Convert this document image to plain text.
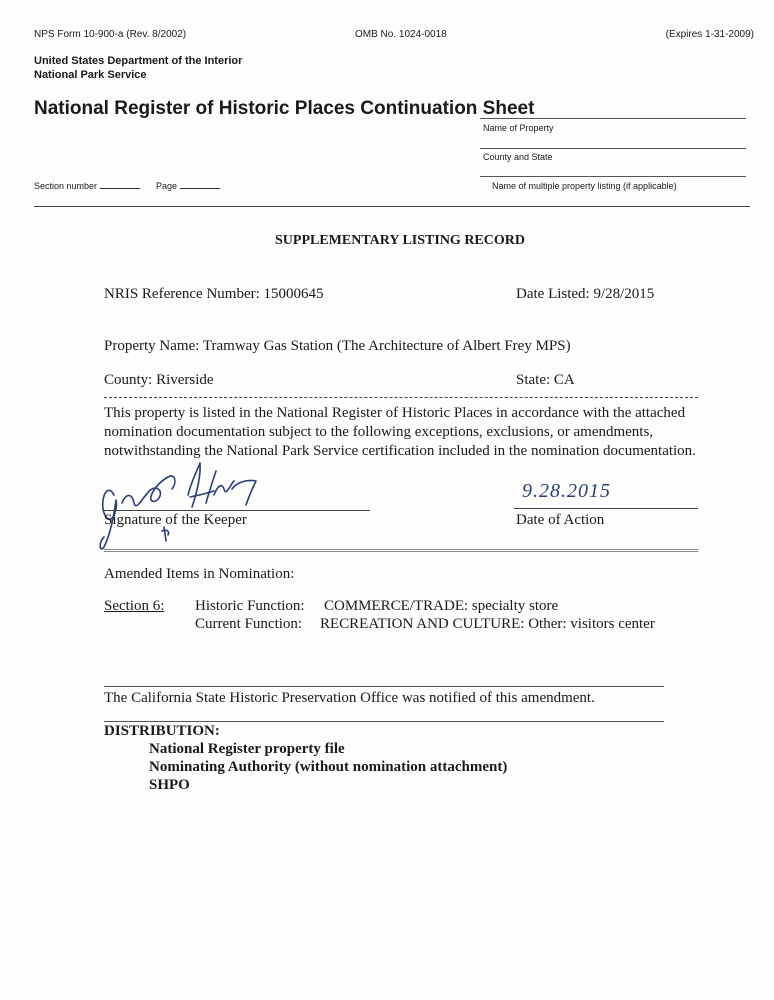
NPS Form 10-900-a (Rev. 8/2002)	OMB No. 1024-0018	(Expires 1-31-2009)
United States Department of the Interior
National Park Service
National Register of Historic Places Continuation Sheet
Name of Property
County and State
Section number	Page	Name of multiple property listing (if applicable)
SUPPLEMENTARY LISTING RECORD
NRIS Reference Number: 15000645	Date Listed: 9/28/2015
Property Name: Tramway Gas Station (The Architecture of Albert Frey MPS)
County: Riverside	State: CA
This property is listed in the National Register of Historic Places in accordance with the attached
nomination documentation subject to the following exceptions, exclusions, or amendments,
notwithstanding the National Park Service certification included in the nomination documentation.
Signature of the Keeper
9.28.2015
Date of Action
Amended Items in Nomination:
Section 6: Historic Function: COMMERCE/TRADE: specialty store
Current Function: RECREATION AND CULTURE: Other: visitors center
The California State Historic Preservation Office was notified of this amendment.
DISTRIBUTION:
National Register property file
Nominating Authority (without nomination attachment)
SHPO
